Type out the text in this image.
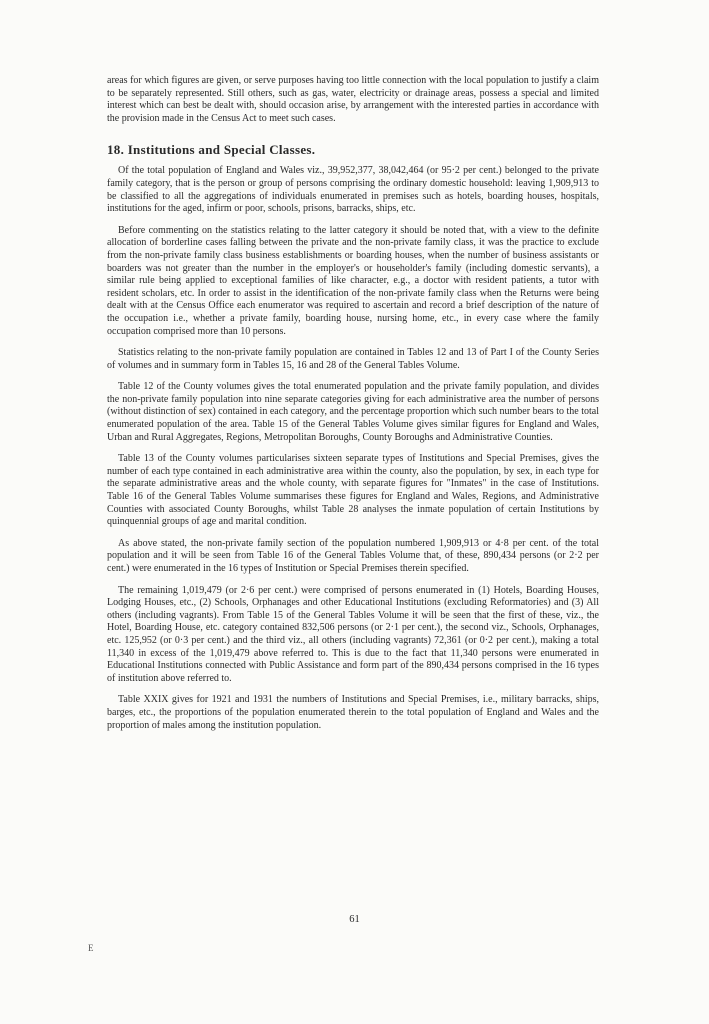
areas for which figures are given, or serve purposes having too little connection with the local population to justify a claim to be separately represented. Still others, such as gas, water, electricity or drainage areas, possess a special and limited interest which can best be dealt with, should occasion arise, by arrangement with the interested parties in accordance with the provision made in the Census Act to meet such cases.

18. Institutions and Special Classes.

Of the total population of England and Wales viz., 39,952,377, 38,042,464 (or 95·2 per cent.) belonged to the private family category, that is the person or group of persons comprising the ordinary domestic household: leaving 1,909,913 to be classified to all the aggregations of individuals enumerated in premises such as hotels, boarding houses, hospitals, institutions for the aged, infirm or poor, schools, prisons, barracks, ships, etc.

Before commenting on the statistics relating to the latter category it should be noted that, with a view to the definite allocation of borderline cases falling between the private and the non-private family class, it was the practice to exclude from the non-private family class business establishments or boarding houses, when the number of business assistants or boarders was not greater than the number in the employer's or householder's family (including domestic servants), a similar rule being applied to exceptional families of like character, e.g., a doctor with resident patients, a tutor with resident scholars, etc. In order to assist in the identification of the non-private family class when the Returns were being dealt with at the Census Office each enumerator was required to ascertain and record a brief description of the nature of the occupation i.e., whether a private family, boarding house, nursing home, etc., in every case where the family occupation comprised more than 10 persons.

Statistics relating to the non-private family population are contained in Tables 12 and 13 of Part I of the County Series of volumes and in summary form in Tables 15, 16 and 28 of the General Tables Volume.

Table 12 of the County volumes gives the total enumerated population and the private family population, and divides the non-private family population into nine separate categories giving for each administrative area the number of persons (without distinction of sex) contained in each category, and the percentage proportion which such number bears to the total enumerated population of the area. Table 15 of the General Tables Volume gives similar figures for England and Wales, Urban and Rural Aggregates, Regions, Metropolitan Boroughs, County Boroughs and Administrative Counties.

Table 13 of the County volumes particularises sixteen separate types of Institutions and Special Premises, gives the number of each type contained in each administrative area within the county, also the population, by sex, in each type for the separate administrative areas and the whole county, with separate figures for "Inmates" in the case of Institutions. Table 16 of the General Tables Volume summarises these figures for England and Wales, Regions, and Administrative Counties with associated County Boroughs, whilst Table 28 analyses the inmate population of certain Institutions by quinquennial groups of age and marital condition.

As above stated, the non-private family section of the population numbered 1,909,913 or 4·8 per cent. of the total population and it will be seen from Table 16 of the General Tables Volume that, of these, 890,434 persons (or 2·2 per cent.) were enumerated in the 16 types of Institution or Special Premises therein specified.

The remaining 1,019,479 (or 2·6 per cent.) were comprised of persons enumerated in (1) Hotels, Boarding Houses, Lodging Houses, etc., (2) Schools, Orphanages and other Educational Institutions (excluding Reformatories) and (3) All others (including vagrants). From Table 15 of the General Tables Volume it will be seen that the first of these, viz., the Hotel, Boarding House, etc. category contained 832,506 persons (or 2·1 per cent.), the second viz., Schools, Orphanages, etc. 125,952 (or 0·3 per cent.) and the third viz., all others (including vagrants) 72,361 (or 0·2 per cent.), making a total 11,340 in excess of the 1,019,479 above referred to. This is due to the fact that 11,340 persons were enumerated in Educational Institutions connected with Public Assistance and form part of the 890,434 persons comprised in the 16 types of institution above referred to.

Table XXIX gives for 1921 and 1931 the numbers of Institutions and Special Premises, i.e., military barracks, ships, barges, etc., the proportions of the population enumerated therein to the total population of England and Wales and the proportion of males among the institution population.

61
E
